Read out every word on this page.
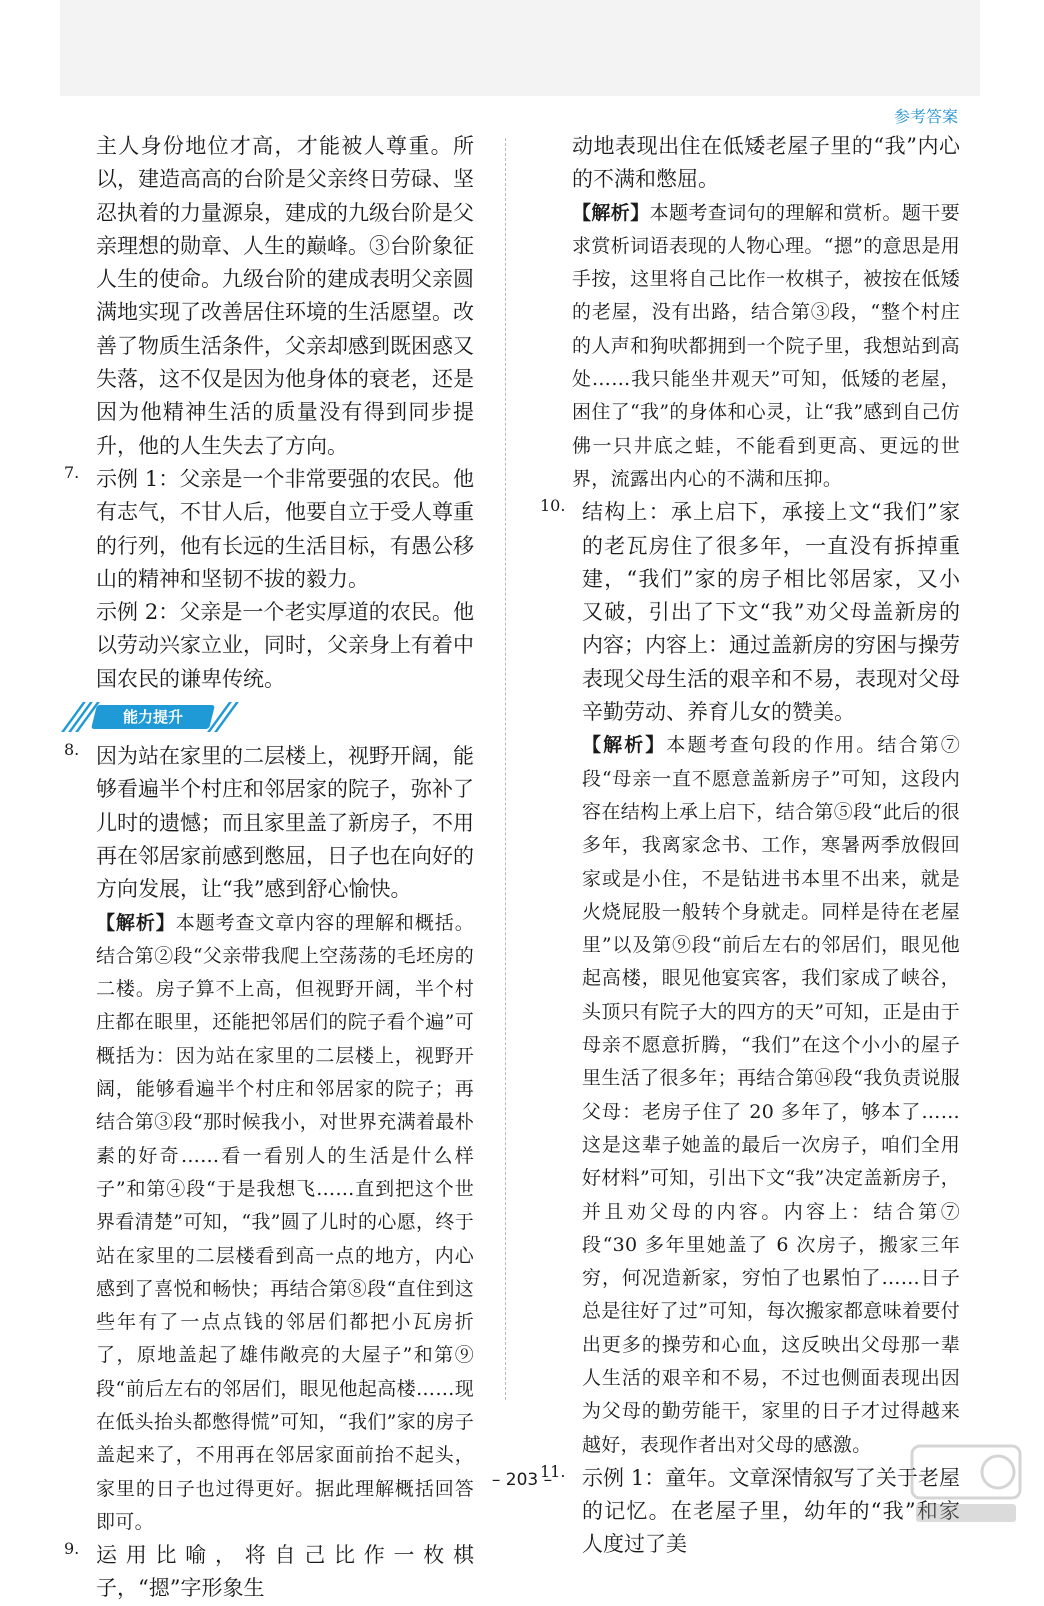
参考答案

主人身份地位才高，才能被人尊重。所以，建造高高的台阶是父亲终日劳碌、坚忍执着的力量源泉，建成的九级台阶是父亲理想的勋章、人生的巅峰。③台阶象征人生的使命。九级台阶的建成表明父亲圆满地实现了改善居住环境的生活愿望。改善了物质生活条件，父亲却感到既困惑又失落，这不仅是因为他身体的衰老，还是因为他精神生活的质量没有得到同步提升，他的人生失去了方向。

7. 示例 1：父亲是一个非常要强的农民。他有志气，不甘人后，他要自立于受人尊重的行列，他有长远的生活目标，有愚公移山的精神和坚韧不拔的毅力。

示例 2：父亲是一个老实厚道的农民。他以劳动兴家立业，同时，父亲身上有着中国农民的谦卑传统。

能力提升
8. 因为站在家里的二层楼上，视野开阔，能够看遍半个村庄和邻居家的院子，弥补了儿时的遗憾；而且家里盖了新房子，不用再在邻居家前感到憋屈，日子也在向好的方向发展，让“我”感到舒心愉快。

【解析】本题考查文章内容的理解和概括。结合第②段“父亲带我爬上空荡荡的毛坯房的二楼。房子算不上高，但视野开阔，半个村庄都在眼里，还能把邻居们的院子看个遍”可概括为：因为站在家里的二层楼上，视野开阔，能够看遍半个村庄和邻居家的院子；再结合第③段“那时候我小，对世界充满着最朴素的好奇……看一看别人的生活是什么样子”和第④段“于是我想飞……直到把这个世界看清楚”可知，“我”圆了儿时的心愿，终于站在家里的二层楼看到高一点的地方，内心感到了喜悦和畅快；再结合第⑧段“直住到这些年有了一点点钱的邻居们都把小瓦房折了，原地盖起了雄伟敞亮的大屋子”和第⑨段“前后左右的邻居们，眼见他起高楼……现在低头抬头都憋得慌”可知，“我们”家的房子盖起来了，不用再在邻居家面前抬不起头，家里的日子也过得更好。据此理解概括回答即可。

9. 运用比喻，将自己比作一枚棋子，“摁”字形象生

动地表现出住在低矮老屋子里的“我”内心的不满和憋屈。

【解析】本题考查词句的理解和赏析。题干要求赏析词语表现的人物心理。“摁”的意思是用手按，这里将自己比作一枚棋子，被按在低矮的老屋，没有出路，结合第③段，“整个村庄的人声和狗吠都拥到一个院子里，我想站到高处……我只能坐井观天”可知，低矮的老屋，困住了“我”的身体和心灵，让“我”感到自己仿佛一只井底之蛙，不能看到更高、更远的世界，流露出内心的不满和压抑。

10. 结构上：承上启下，承接上文“我们”家的老瓦房住了很多年，一直没有拆掉重建，“我们”家的房子相比邻居家，又小又破，引出了下文“我”劝父母盖新房的内容；内容上：通过盖新房的穷困与操劳表现父母生活的艰辛和不易，表现对父母辛勤劳动、养育儿女的赞美。

【解析】本题考查句段的作用。结合第⑦段“母亲一直不愿意盖新房子”可知，这段内容在结构上承上启下，结合第⑤段“此后的很多年，我离家念书、工作，寒暑两季放假回家或是小住，不是钻进书本里不出来，就是火烧屁股一般转个身就走。同样是待在老屋里”以及第⑨段“前后左右的邻居们，眼见他起高楼，眼见他宴宾客，我们家成了峡谷，头顶只有院子大的四方的天”可知，正是由于母亲不愿意折腾，“我们”在这个小小的屋子里生活了很多年；再结合第⑭段“我负责说服父母：老房子住了 20 多年了，够本了……这是这辈子她盖的最后一次房子，咱们全用好材料”可知，引出下文“我”决定盖新房子，并且劝父母的内容。内容上：结合第⑦段“30 多年里她盖了 6 次房子，搬家三年穷，何况造新家，穷怕了也累怕了……日子总是往好了过”可知，每次搬家都意味着要付出更多的操劳和心血，这反映出父母那一辈人生活的艰辛和不易，不过也侧面表现出因为父母的勤劳能干，家里的日子才过得越来越好，表现作者出对父母的感激。

11. 示例 1：童年。文章深情叙写了关于老屋的记忆。在老屋子里，幼年的“我”和家人度过了美

– 203 –
